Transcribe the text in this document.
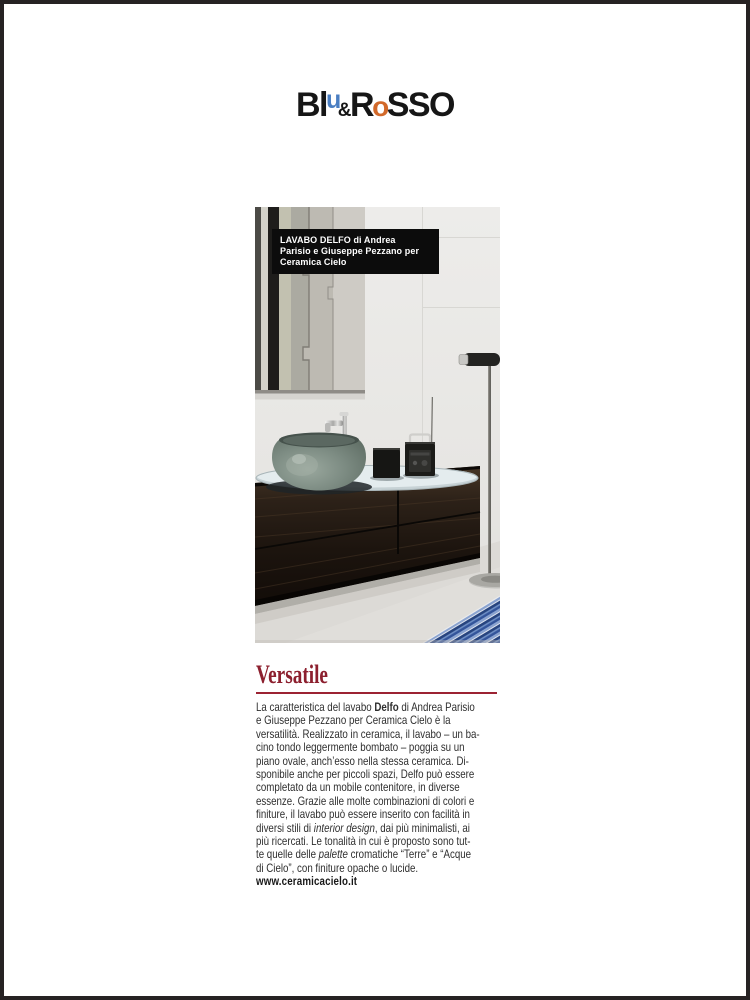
Blu&RoSSO
LAVABO DELFO di Andrea
Parisio e Giuseppe Pezzano per
Ceramica Cielo
Versatile

La caratteristica del lavabo Delfo di Andrea Parisio

e Giuseppe Pezzano per Ceramica Cielo è la

versatilità. Realizzato in ceramica, il lavabo – un ba-

cino tondo leggermente bombato – poggia su un

piano ovale, anch’esso nella stessa ceramica. Di-

sponibile anche per piccoli spazi, Delfo può essere

completato da un mobile contenitore, in diverse

essenze. Grazie alle molte combinazioni di colori e

finiture, il lavabo può essere inserito con facilità in

diversi stili di interior design, dai più minimalisti, ai

più ricercati. Le tonalità in cui è proposto sono tut-

te quelle delle palette cromatiche “Terre” e “Acque

di Cielo”, con finiture opache o lucide.

www.ceramicacielo.it
